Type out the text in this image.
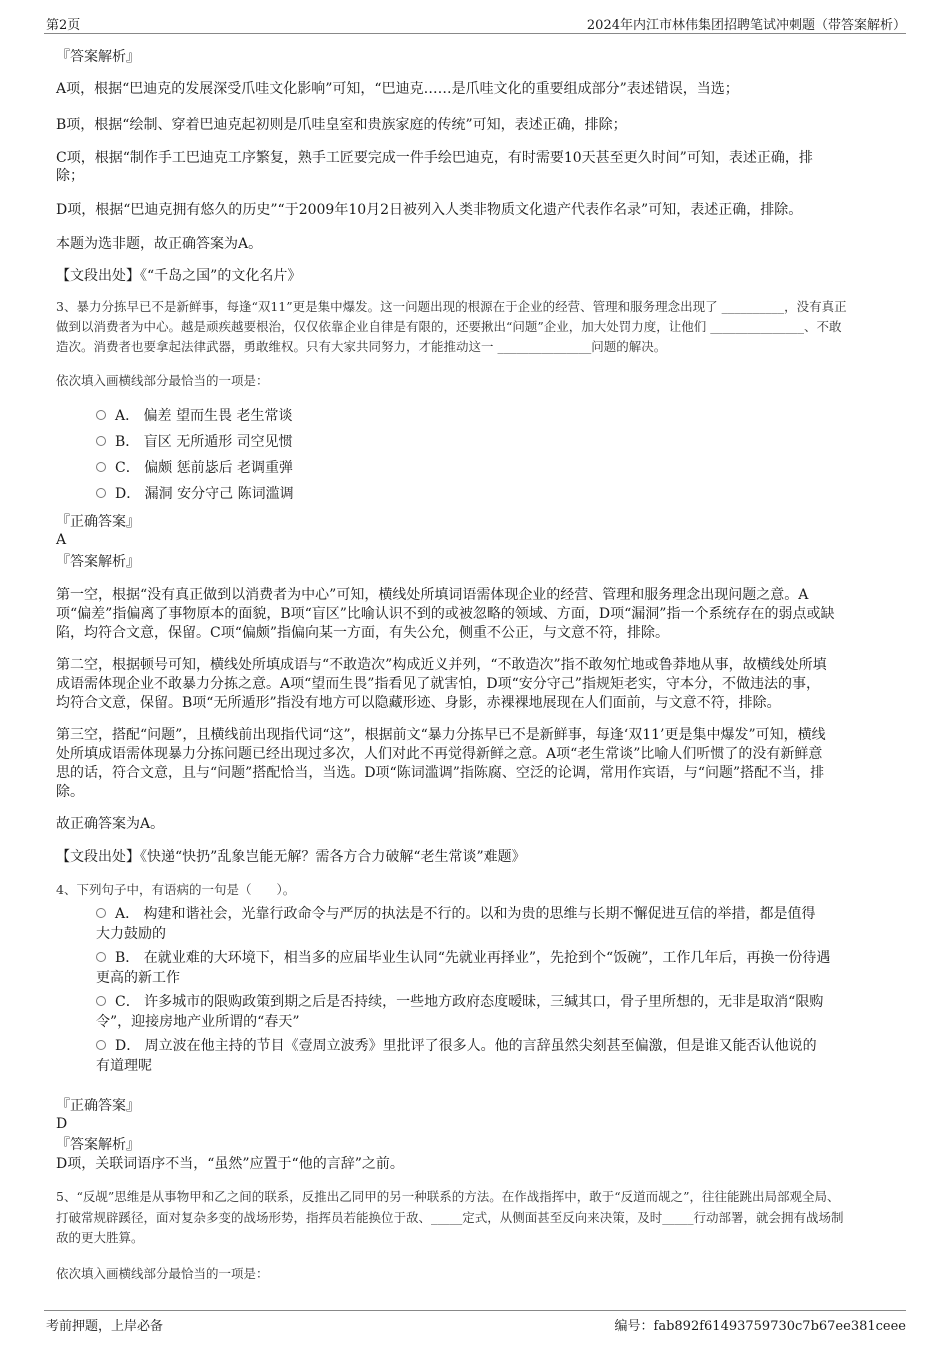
第2页	2024年内江市林伟集团招聘笔试冲刺题（带答案解析）
『答案解析』
A项，根据“巴迪克的发展深受爪哇文化影响”可知，“巴迪克……是爪哇文化的重要组成部分”表述错误，当选；
B项，根据“绘制、穿着巴迪克起初则是爪哇皇室和贵族家庭的传统”可知，表述正确，排除；
C项，根据“制作手工巴迪克工序繁复，熟手工匠要完成一件手绘巴迪克，有时需要10天甚至更久时间”可知，表述正确，排
除；
D项，根据“巴迪克拥有悠久的历史”“于2009年10月2日被列入人类非物质文化遗产代表作名录”可知，表述正确，排除。
本题为选非题，故正确答案为A。
【文段出处】《“千岛之国”的文化名片》
3、暴力分拣早已不是新鲜事，每逢“双11”更是集中爆发。这一问题出现的根源在于企业的经营、管理和服务理念出现了 __________，没有真正
做到以消费者为中心。越是顽疾越要根治，仅仅依靠企业自律是有限的，还要揪出“问题”企业，加大处罚力度，让他们 _______________、不敢
造次。消费者也要拿起法律武器，勇敢维权。只有大家共同努力，才能推动这一 _______________问题的解决。
依次填入画横线部分最恰当的一项是：
A． 偏差 望而生畏 老生常谈
B． 盲区 无所遁形 司空见惯
C． 偏颇 惩前毖后 老调重弹
D． 漏洞 安分守己 陈词滥调
『正确答案』
A
『答案解析』
第一空，根据“没有真正做到以消费者为中心”可知，横线处所填词语需体现企业的经营、管理和服务理念出现问题之意。A
项“偏差”指偏离了事物原本的面貌，B项“盲区”比喻认识不到的或被忽略的领域、方面，D项“漏洞”指一个系统存在的弱点或缺
陷，均符合文意，保留。C项“偏颇”指偏向某一方面，有失公允，侧重不公正，与文意不符，排除。
第二空，根据顿号可知，横线处所填成语与“不敢造次”构成近义并列，“不敢造次”指不敢匆忙地或鲁莽地从事，故横线处所填
成语需体现企业不敢暴力分拣之意。A项“望而生畏”指看见了就害怕，D项“安分守己”指规矩老实，守本分，不做违法的事，
均符合文意，保留。B项“无所遁形”指没有地方可以隐藏形迹、身影，赤裸裸地展现在人们面前，与文意不符，排除。
第三空，搭配“问题”，且横线前出现指代词“这”，根据前文“暴力分拣早已不是新鲜事，每逢‘双11’更是集中爆发”可知，横线
处所填成语需体现暴力分拣问题已经出现过多次，人们对此不再觉得新鲜之意。A项“老生常谈”比喻人们听惯了的没有新鲜意
思的话，符合文意，且与“问题”搭配恰当，当选。D项“陈词滥调”指陈腐、空泛的论调，常用作宾语，与“问题”搭配不当，排
除。
故正确答案为A。
【文段出处】《快递“快扔”乱象岂能无解？需各方合力破解“老生常谈”难题》
4、下列句子中，有语病的一句是（　　）。
A． 构建和谐社会，光靠行政命令与严厉的执法是不行的。以和为贵的思维与长期不懈促进互信的举措，都是值得
大力鼓励的
B． 在就业难的大环境下，相当多的应届毕业生认同“先就业再择业”，先抢到个“饭碗”，工作几年后，再换一份待遇
更高的新工作
C． 许多城市的限购政策到期之后是否持续，一些地方政府态度暧昧，三缄其口，骨子里所想的，无非是取消“限购
令”，迎接房地产业所谓的“春天”
D． 周立波在他主持的节目《壹周立波秀》里批评了很多人。他的言辞虽然尖刻甚至偏激，但是谁又能否认他说的
有道理呢
『正确答案』
D
『答案解析』
D项，关联词语序不当，“虽然”应置于“他的言辞”之前。
5、“反觇”思维是从事物甲和乙之间的联系，反推出乙同甲的另一种联系的方法。在作战指挥中，敢于“反道而觇之”，往往能跳出局部观全局、
打破常规辟蹊径，面对复杂多变的战场形势，指挥员若能换位于敌、_____定式，从侧面甚至反向来决策，及时_____行动部署，就会拥有战场制
敌的更大胜算。
依次填入画横线部分最恰当的一项是：
考前押题，上岸必备	编号：fab892f61493759730c7b67ee381ceee
